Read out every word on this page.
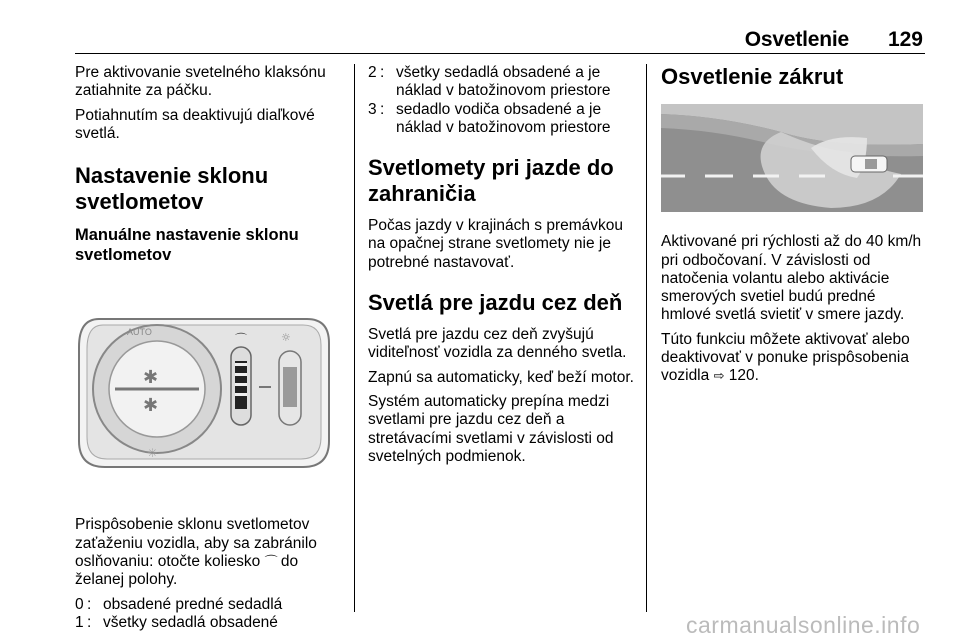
Osvetlenie 129

Pre aktivovanie svetelného klaksónu zatiahnite za páčku.

Potiahnutím sa deaktivujú diaľkové svetlá.

Nastavenie sklonu svetlometov
Manuálne nastavenie sklonu svetlometov
✱
✱
AUTO
☼
⌒	☼

Prispôsobenie sklonu svetlometov zaťaženiu vozidla, aby sa zabránilo oslňovaniu: otočte koliesko ⌒ do želanej polohy.

0 : obsadené predné sedadlá
1 : všetky sedadlá obsadené
2 : všetky sedadlá obsadené a je náklad v batožinovom priestore
3 : sedadlo vodiča obsadené a je náklad v batožinovom priestore
Svetlomety pri jazde do zahraničia

Počas jazdy v krajinách s premávkou na opačnej strane svetlomety nie je potrebné nastavovať.

Svetlá pre jazdu cez deň

Svetlá pre jazdu cez deň zvyšujú viditeľnosť vozidla za denného svetla.

Zapnú sa automaticky, keď beží motor.

Systém automaticky prepína medzi svetlami pre jazdu cez deň a stretávacími svetlami v závislosti od svetelných podmienok.

Osvetlenie zákrut

Aktivované pri rýchlosti až do 40 km/h pri odbočovaní. V závislosti od natočenia volantu alebo aktivácie smerových svetiel budú predné hmlové svetlá svietiť v smere jazdy.

Túto funkciu môžete aktivovať alebo deaktivovať v ponuke prispôsobenia vozidla ⇨ 120.

carmanualsonline.info
